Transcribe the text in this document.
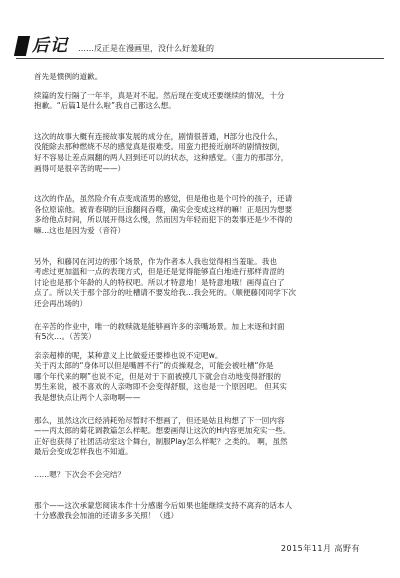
后记 ……反正是在漫画里，没什么好羞耻的

首先是惯例的道歉。

续篇的发行隔了一年半，真是对不起。然后现在变成还要继续的情况，十分
抱歉。“后篇1是什么啦”我自己都这么想。

这次的故事大概有连接故事发展的成分在，剧情很普通，H部分也没什么，
没能除去那种燃烧不尽的感觉真是很难受。用蛮力把接近崩坏的剧情按倒，
好不容易让差点闹翻的两人回到还可以的状态，这种感觉。（蛮力的那部分，
画得可是很辛苦的呢——）

这次的作品，虽然险介有点变成渣男的感觉，但是他也是个可怜的孩子，还请
各位原谅他。被青春期的巨浪翻间吞噬，确实会变成这样的嘛！正是因为想要
多给他点时间，所以展开得这么慢，然而因为年轻而犯下的轰事还是少不得的
嘛…这也是因为爱（音符）

另外，和藤冈在河边的那个场景，作为作者本人我也觉得相当羞耻。我也
考虑过更加温和一点的表现方式，但是还是觉得能够直白地进行那样青涩的
讨论也是那个年龄的人的特权吧。所以才特意地！是特意地哦！画得直白了
点了。所以关于那个部分的吐槽请不要发给我…我会死的。（顺便藤冈同学下次
还会再出场的）

在辛苦的作业中，唯一的救赎就是能够画许多的亲嘴场景。加上末逐和封面
有5次…。（苦笑）

亲亲超棒的呢，某种意义上比做爱还要棒也说不定吧w。
关于丙太郎的“身体可以但是嘴唇不行”的贞操观念，可能会被吐槽“你是
哪个年代来的啊”也说不定，但是对于下面被摸几下就会自动地变得舒服的
男生来说，被不喜欢的人亲吻即不会变得舒服，这也是一个原因吧。 但其实
我是想快点让两个人亲吻啊——

那么，虽然这次已经消耗殆尽暂时不想画了，但还是姑且构想了下一回内容
——丙太郎的菊花调教篇怎么样呢。想要画得让这次的H内容更加充实一些。
正好也获得了社团活动室这个舞台，制服Play怎么样呢？之类的。 啊，虽然
最后会变成怎样我也不知道。

……嗯？下次会不会完结？

那个——这次承蒙您阅读本作十分感谢今后如果也能继续支持不离弃的话本人
十分感激我会加油的还请多多关照！（逃）

2015年11月 高野有
